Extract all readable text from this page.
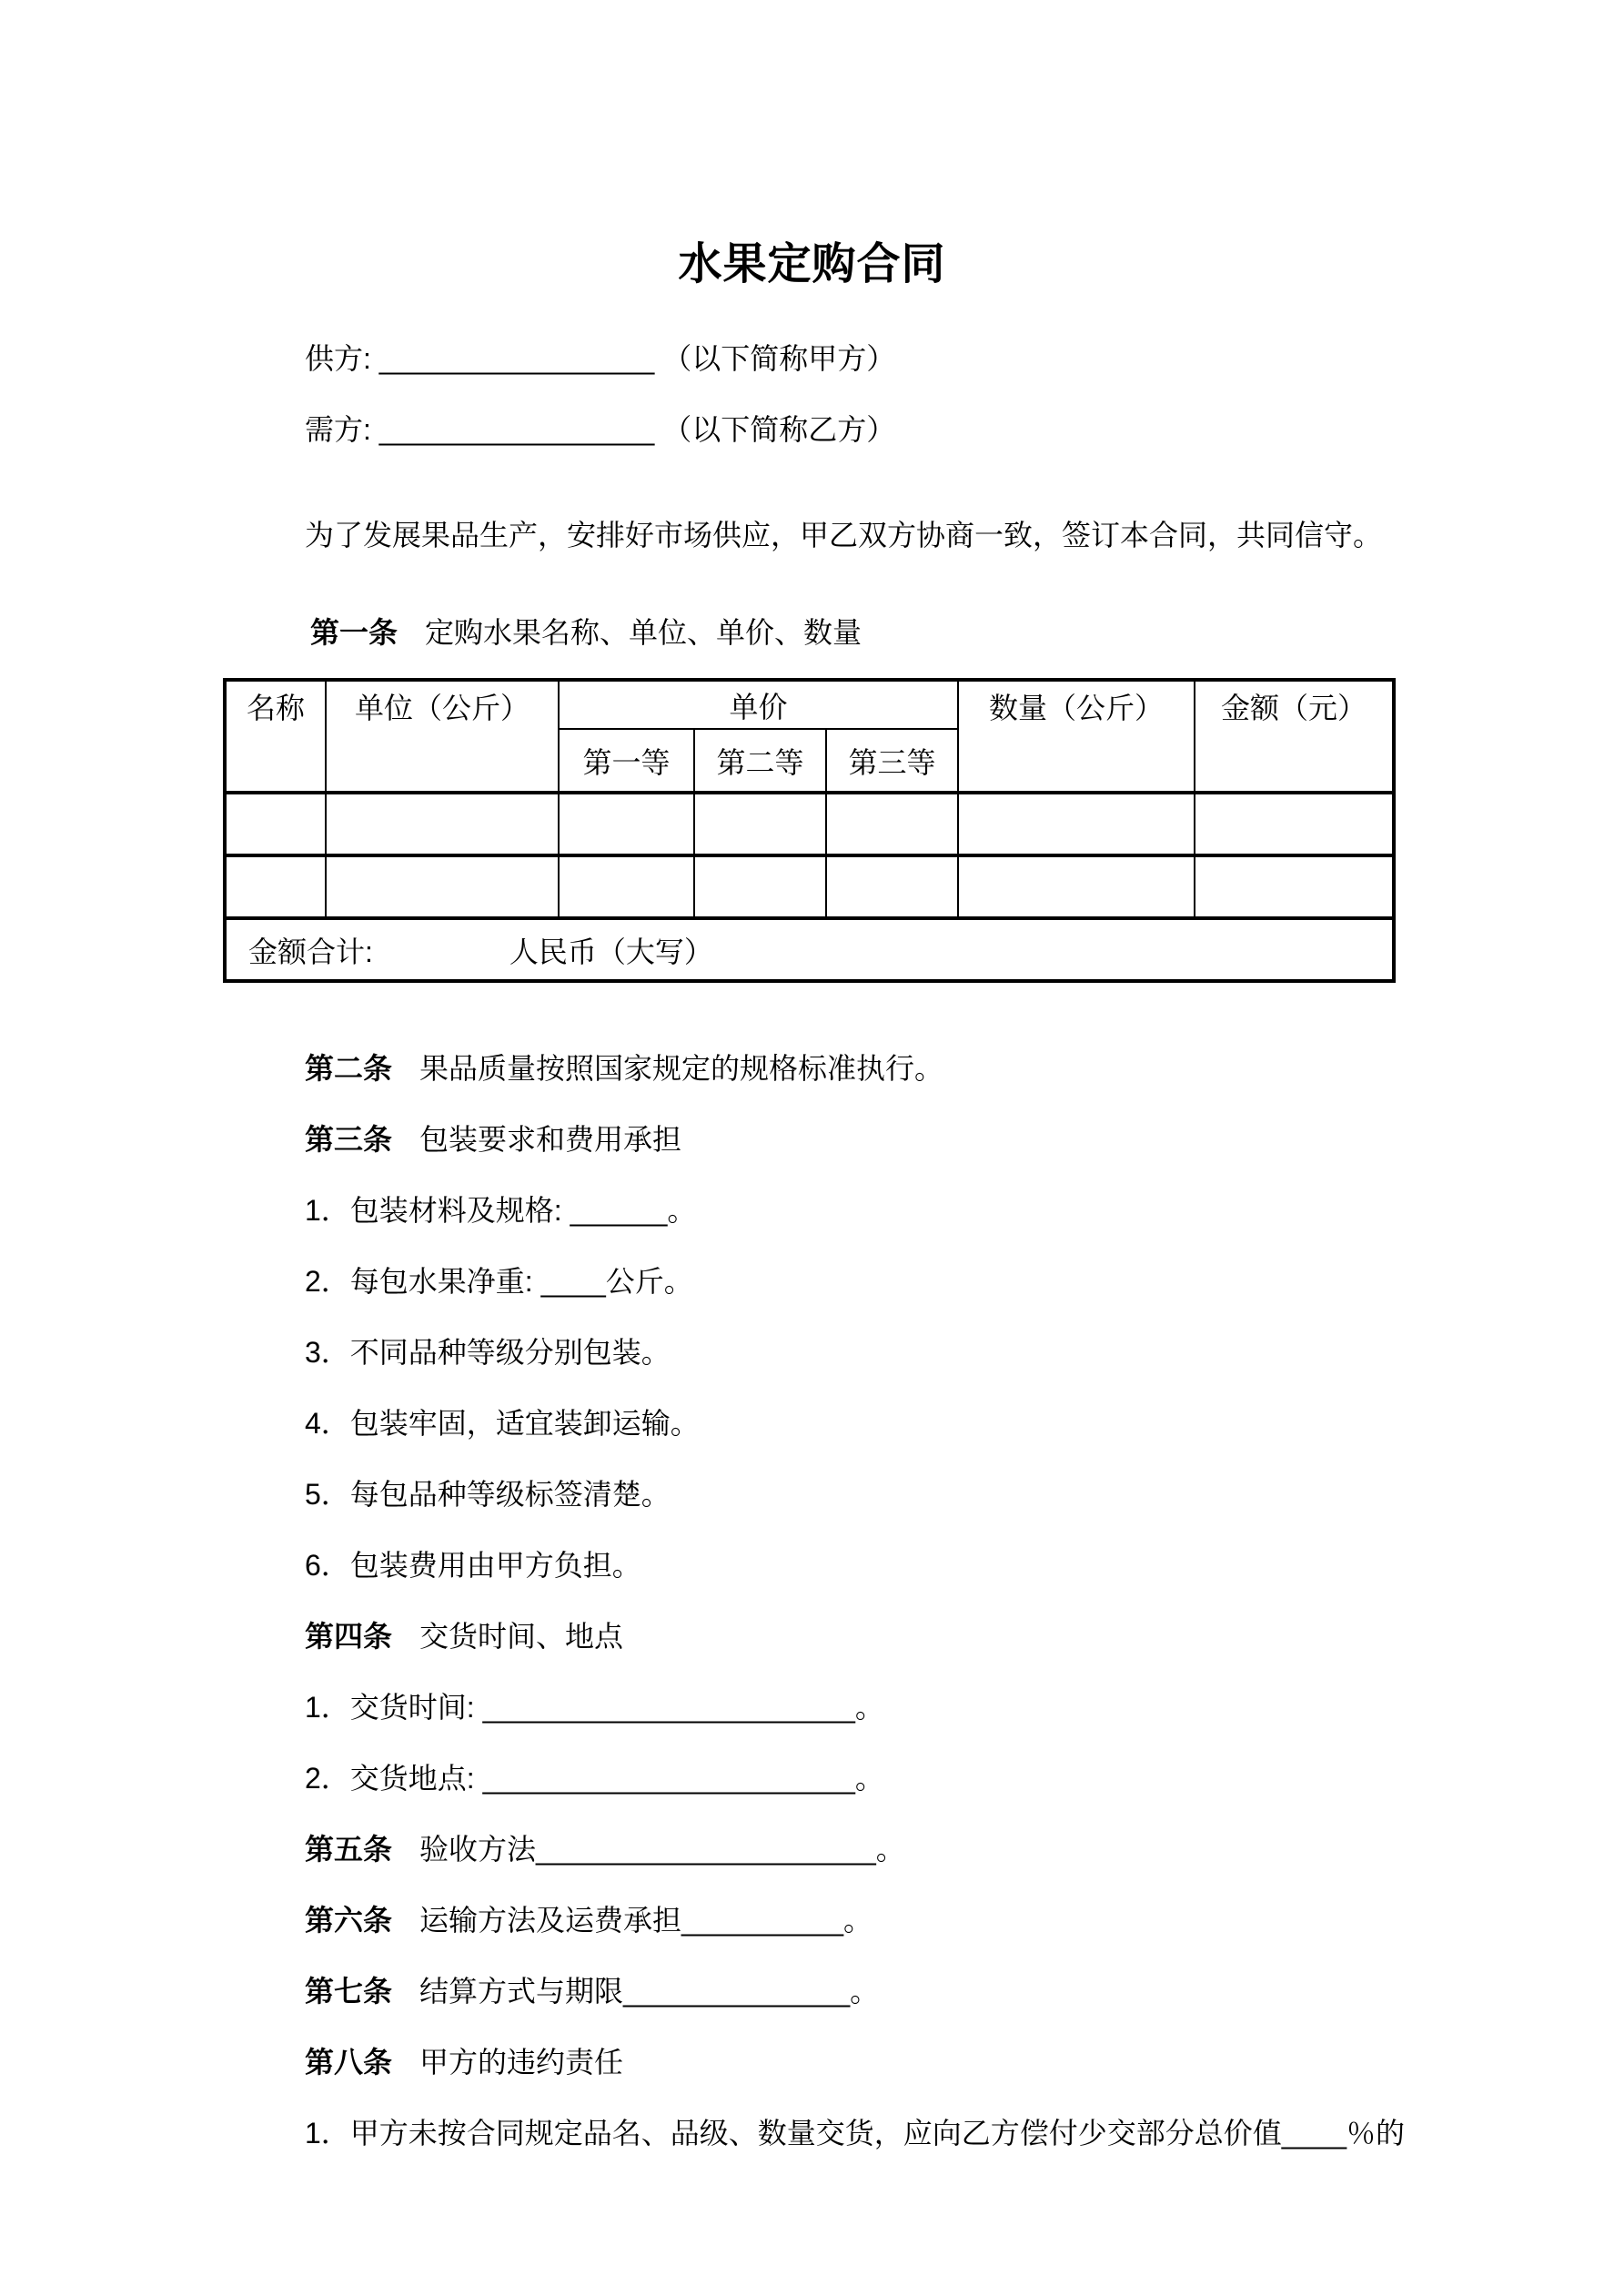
水果定购合同
供方: _________________ （以下简称甲方）
需方: _________________ （以下简称乙方）
为了发展果品生产，安排好市场供应，甲乙双方协商一致，签订本合同，共同信守。
第一条 定购水果名称、单位、单价、数量
名称	单位（公斤）	单价			数量（公斤）	金额（元）
		第一等	第二等	第三等		

金额合计: 人民币（大写）						
第二条 果品质量按照国家规定的规格标准执行。
第三条 包装要求和费用承担
1．包装材料及规格: ______。
2．每包水果净重: ____公斤。
3．不同品种等级分别包装。
4．包装牢固，适宜装卸运输。
5．每包品种等级标签清楚。
6．包装费用由甲方负担。
第四条 交货时间、地点
1．交货时间: _______________________。
2．交货地点: _______________________。
第五条 验收方法_____________________。
第六条 运输方法及运费承担__________。
第七条 结算方式与期限______________。
第八条 甲方的违约责任
1．甲方未按合同规定品名、品级、数量交货，应向乙方偿付少交部分总价值____％的
